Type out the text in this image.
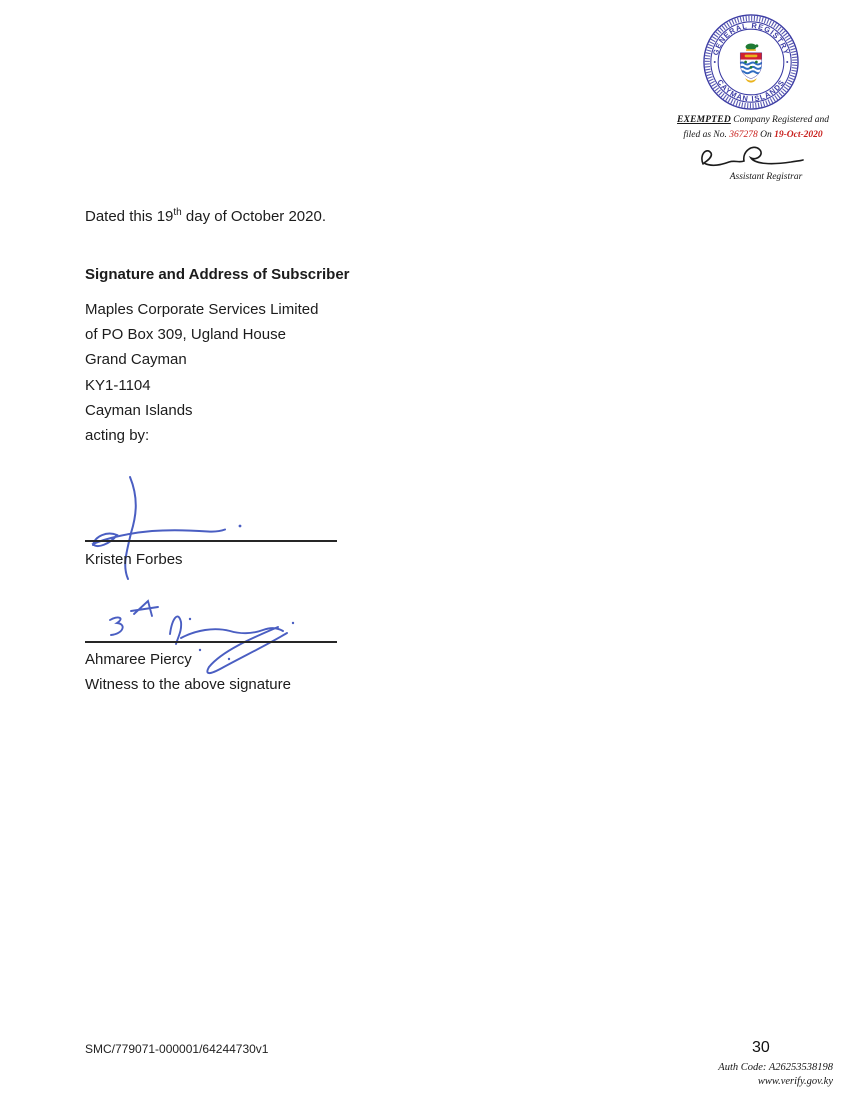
GENERAL REGISTRY
CAYMAN ISLANDS
EXEMPTED Company Registered and
filed as No. 367278 On 19-Oct-2020
Assistant Registrar
Dated this 19th day of October 2020.
Signature and Address of Subscriber
Maples Corporate Services Limited
of PO Box 309, Ugland House
Grand Cayman
KY1-1104
Cayman Islands
acting by:
Kristen Forbes
Ahmaree Piercy
Witness to the above signature
SMC/779071-000001/64244730v1	30
Auth Code: A26253538198
www.verify.gov.ky
